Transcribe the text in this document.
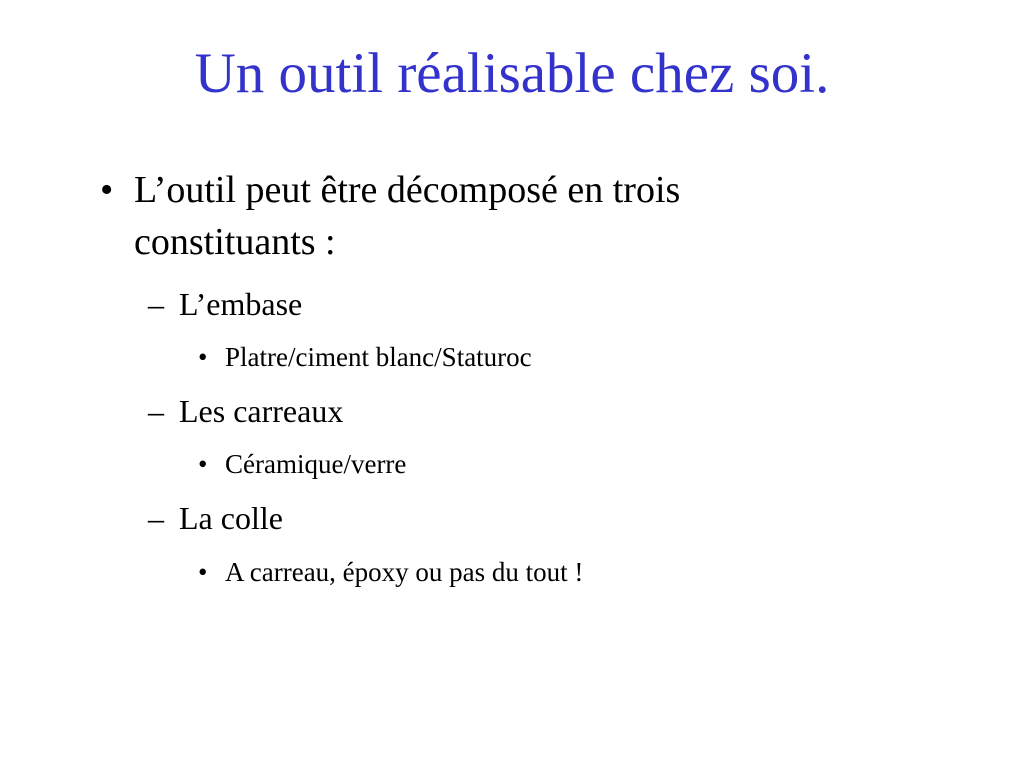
Un outil réalisable chez soi.
• L’outil peut être décomposé en trois
constituants :
– L’embase
• Platre/ciment blanc/Staturoc
– Les carreaux
• Céramique/verre
– La colle
• A carreau, époxy ou pas du tout !
